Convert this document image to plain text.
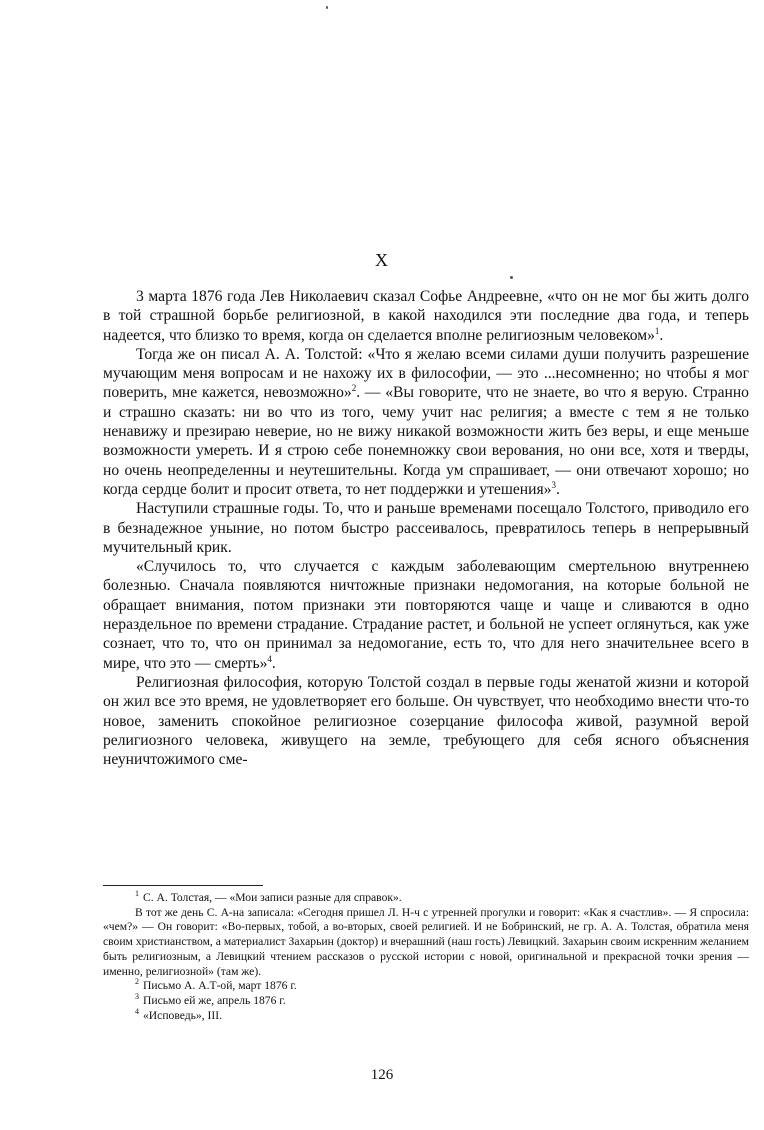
X

3 марта 1876 года Лев Николаевич сказал Софье Андреевне, «что он не мог бы жить долго в той страшной борьбе религиозной, в какой находился эти последние два года, и теперь надеется, что близко то время, когда он сделается вполне религиозным человеком»$^1$.

Тогда же он писал А. А. Толстой: «Что я желаю всеми силами души получить разрешение мучающим меня вопросам и не нахожу их в философии, — это ...несомненно; но чтобы я мог поверить, мне кажется, невозможно»$^2$. — «Вы говорите, что не знаете, во что я верую. Странно и страшно сказать: ни во что из того, чему учит нас религия; а вместе с тем я не только ненавижу и презираю неверие, но не вижу никакой возможности жить без веры, и еще меньше возможности умереть. И я строю себе понемножку свои верования, но они все, хотя и тверды, но очень неопределенны и неутешительны. Когда ум спрашивает, — они отвечают хорошо; но когда сердце болит и просит ответа, то нет поддержки и утешения»$^3$.

Наступили страшные годы. То, что и раньше временами посещало Толстого, приводило его в безнадежное уныние, но потом быстро рассеивалось, превратилось теперь в непрерывный мучительный крик.

«Случилось то, что случается с каждым заболевающим смертельною внутреннею болезнью. Сначала появляются ничтожные признаки недомогания, на которые больной не обращает внимания, потом признаки эти повторяются чаще и чаще и сливаются в одно нераздельное по времени страдание. Страдание растет, и больной не успеет оглянуться, как уже сознает, что то, что он принимал за недомогание, есть то, что для него значительнее всего в мире, что это — смерть»$^4$.

Религиозная философия, которую Толстой создал в первые годы женатой жизни и которой он жил все это время, не удовлетворяет его больше. Он чувствует, что необходимо внести что-то новое, заменить спокойное религиозное созерцание философа живой, разумной верой религиозного человека, живущего на земле, требующего для себя ясного объяснения неуничтожимого сме-

$^1$ С. А. Толстая, — «Мои записи разные для справок».

В тот же день С. А-на записала: «Сегодня пришел Л. Н-ч с утренней прогулки и говорит: «Как я счастлив». — Я спросила: «чем?» — Он говорит: «Во-первых, тобой, а во-вторых, своей религией. И не Бобринский, не гр. А. А. Толстая, обратила меня своим христианством, а материалист Захарьин (доктор) и вчерашний (наш гость) Левицкий. Захарьин своим искренним желанием быть религиозным, а Левицкий чтением рассказов о русской истории с новой, оригинальной и прекрасной точки зрения — именно, религиозной» (там же).

$^2$ Письмо А. А.Т-ой, март 1876 г.

$^3$ Письмо ей же, апрель 1876 г.

$^4$ «Исповедь», III.

126
